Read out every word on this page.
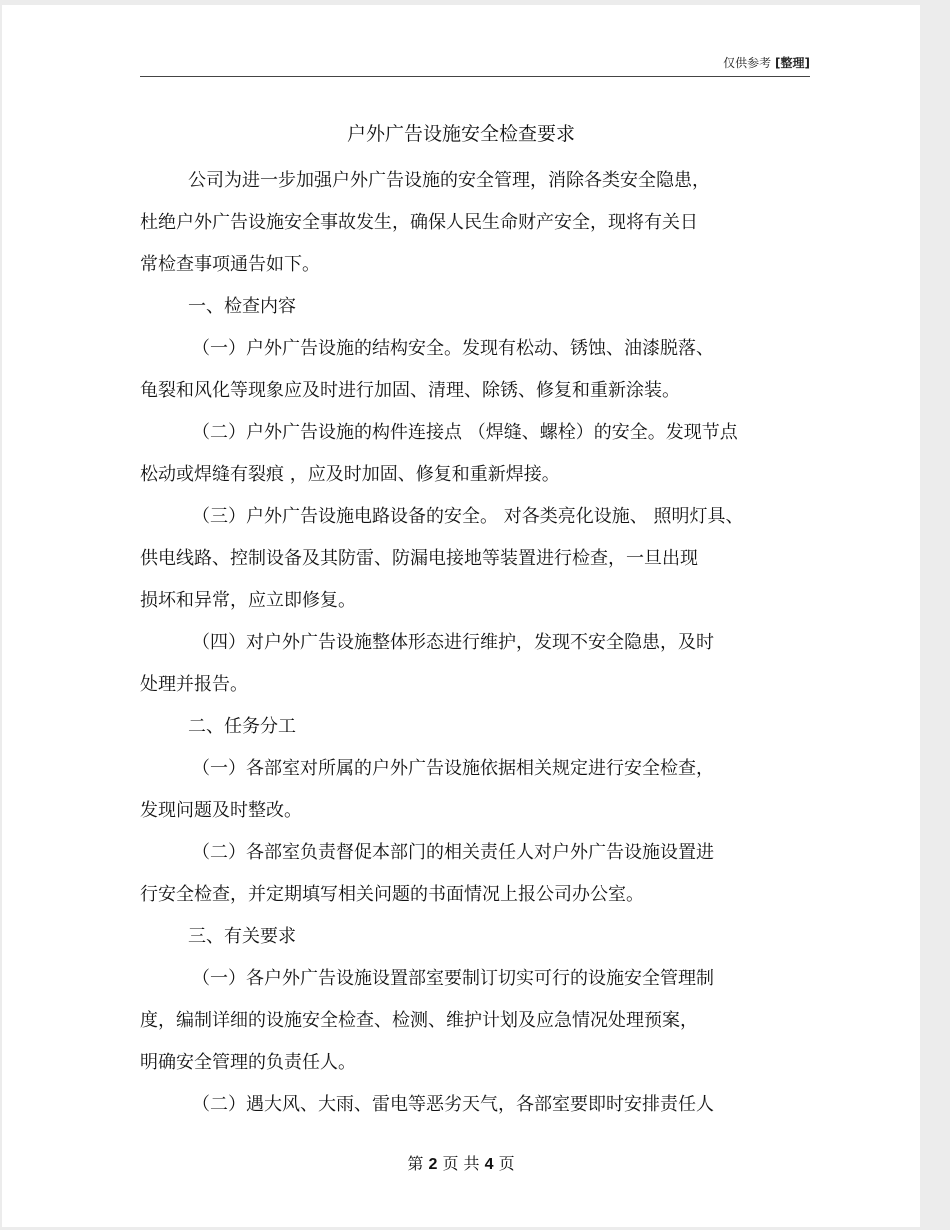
仅供参考 [整理]
户外广告设施安全检查要求
公司为进一步加强户外广告设施的安全管理，消除各类安全隐患，
杜绝户外广告设施安全事故发生，确保人民生命财产安全，现将有关日
常检查事项通告如下。
一、检查内容
（一）户外广告设施的结构安全。发现有松动、锈蚀、油漆脱落、
龟裂和风化等现象应及时进行加固、清理、除锈、修复和重新涂装。
（二）户外广告设施的构件连接点 （焊缝、螺栓）的安全。发现节点
松动或焊缝有裂痕 ，应及时加固、修复和重新焊接。
（三）户外广告设施电路设备的安全。 对各类亮化设施、 照明灯具、
供电线路、控制设备及其防雷、防漏电接地等装置进行检查，一旦出现
损坏和异常，应立即修复。
（四）对户外广告设施整体形态进行维护，发现不安全隐患，及时
处理并报告。
二、任务分工
（一）各部室对所属的户外广告设施依据相关规定进行安全检查，
发现问题及时整改。
（二）各部室负责督促本部门的相关责任人对户外广告设施设置进
行安全检查，并定期填写相关问题的书面情况上报公司办公室。
三、有关要求
（一）各户外广告设施设置部室要制订切实可行的设施安全管理制
度，编制详细的设施安全检查、检测、维护计划及应急情况处理预案，
明确安全管理的负责任人。
（二）遇大风、大雨、雷电等恶劣天气，各部室要即时安排责任人
第 2 页 共 4 页
